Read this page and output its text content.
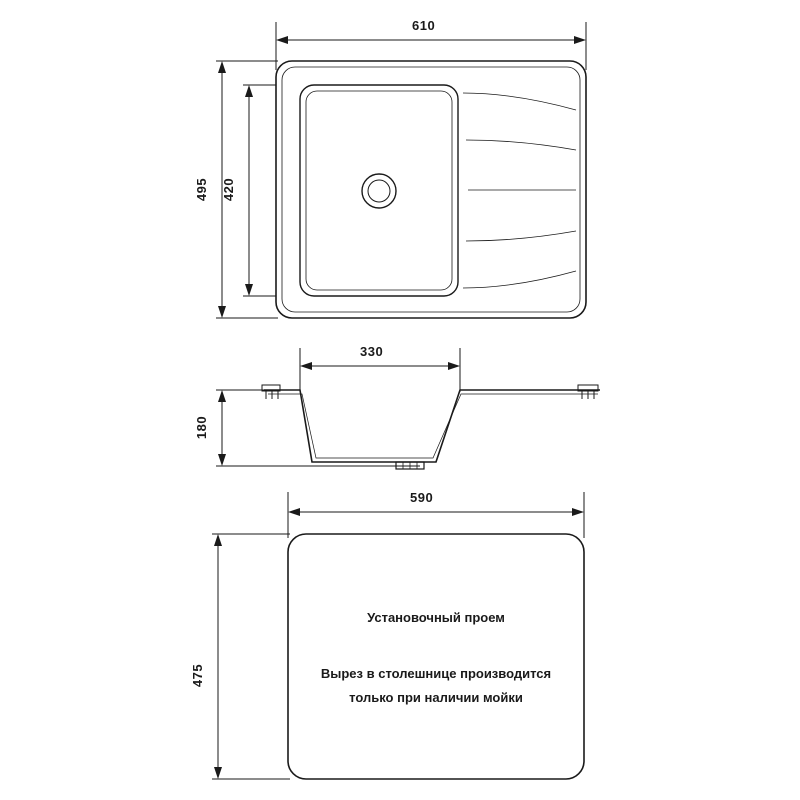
610
495 420
330
180
590
475
Установочный проем
Вырез в столешнице производится
только при наличии мойки
